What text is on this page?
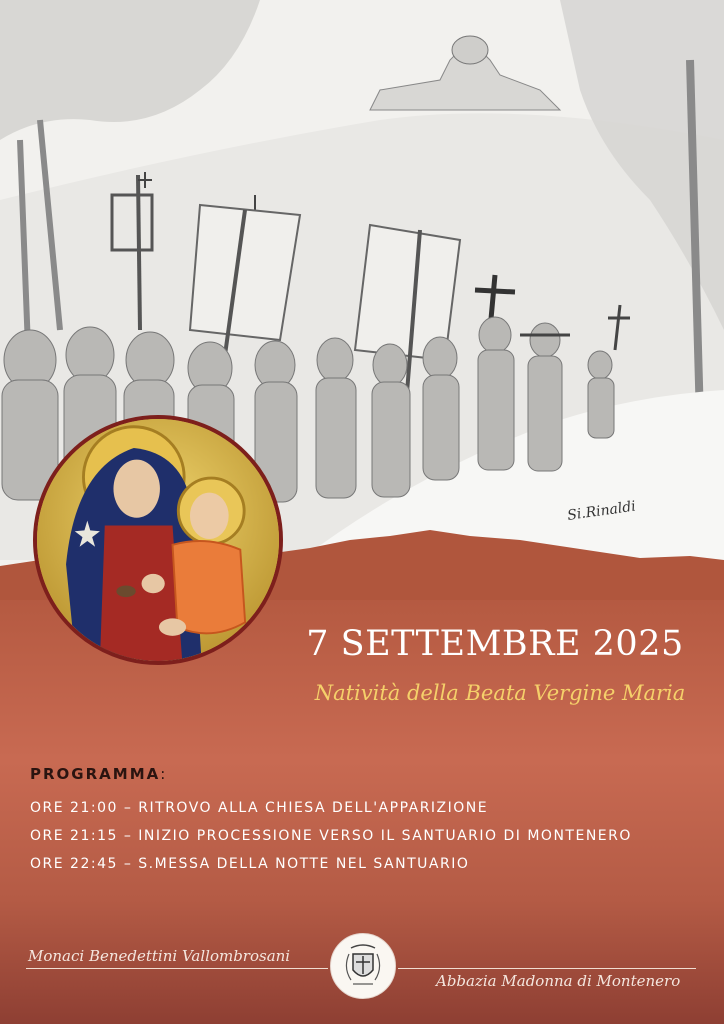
Si.Rinaldi
7 SETTEMBRE 2025
Natività della Beata Vergine Maria
PROGRAMMA:
ORE 21:00 – RITROVO ALLA CHIESA DELL'APPARIZIONE
ORE 21:15 – INIZIO PROCESSIONE VERSO IL SANTUARIO DI MONTENERO
ORE 22:45 – S.MESSA DELLA NOTTE NEL SANTUARIO
Monaci Benedettini Vallombrosani
Abbazia Madonna di Montenero
